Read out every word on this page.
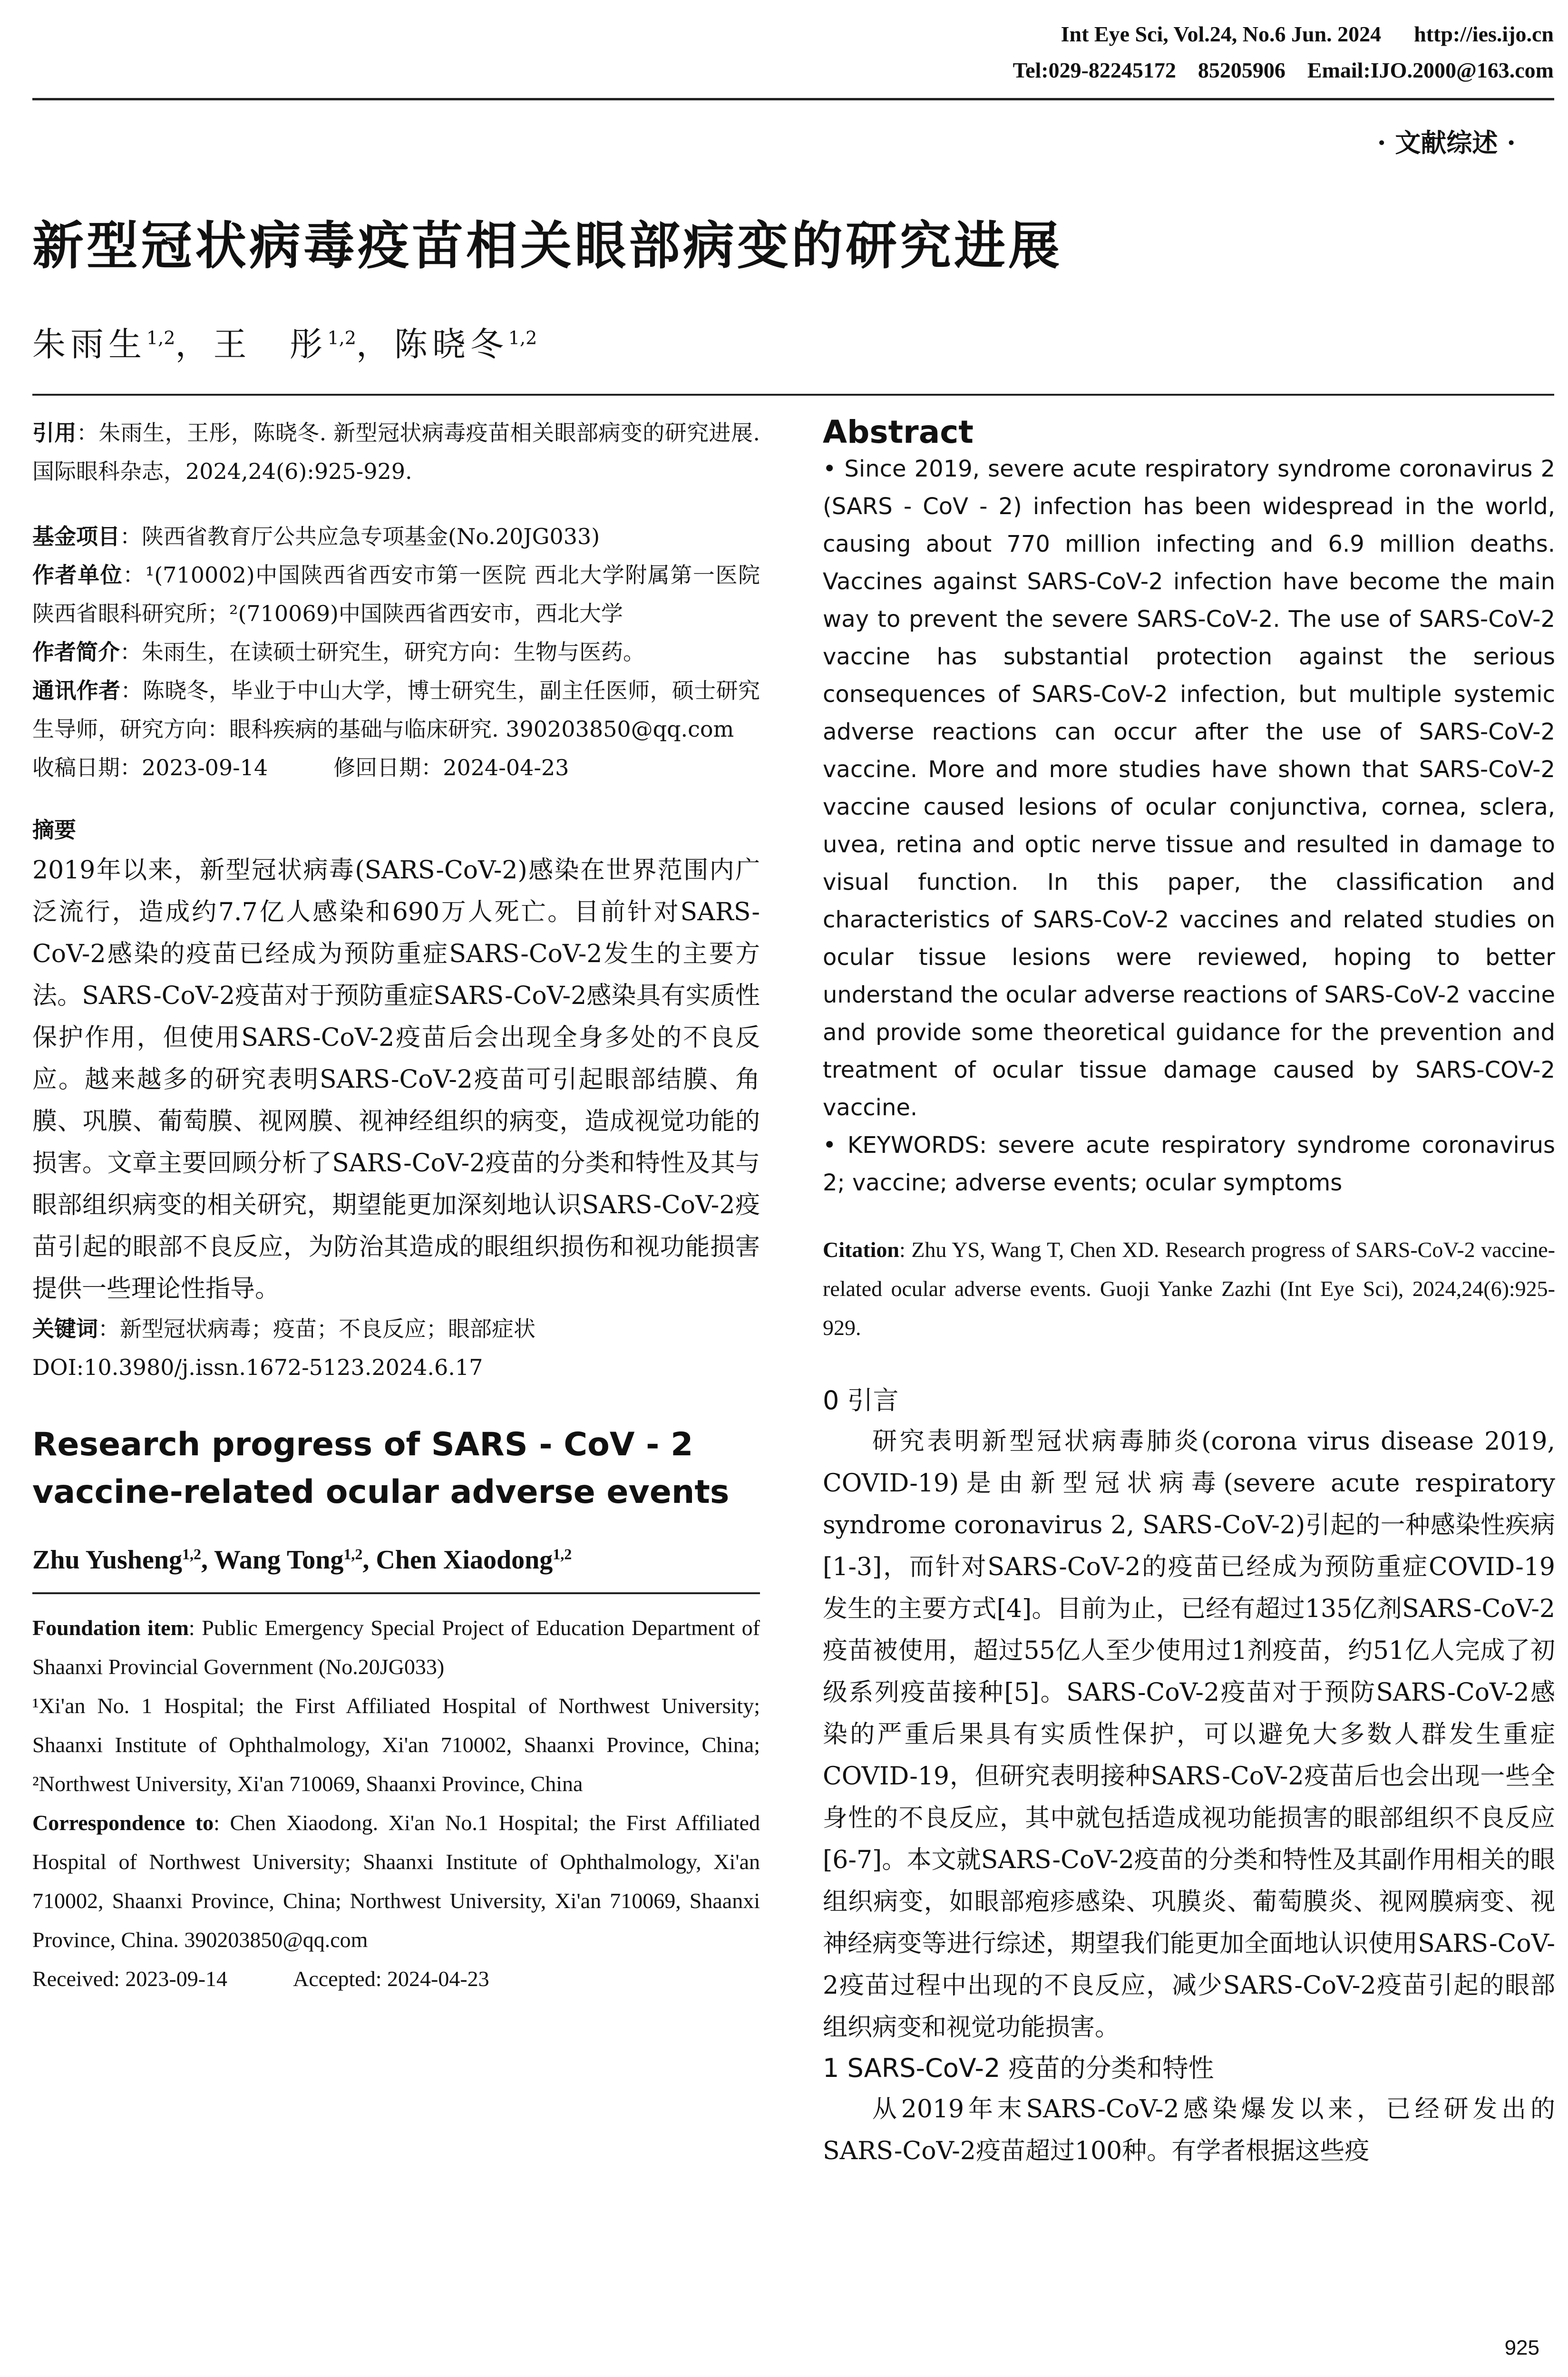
Int Eye Sci, Vol.24, No.6 Jun. 2024      http://ies.ijo.cn
Tel:029-82245172    85205906    Email:IJO.2000@163.com
· 文献综述 ·
新型冠状病毒疫苗相关眼部病变的研究进展
朱雨生$^{1,2}$，王　彤$^{1,2}$，陈晓冬$^{1,2}$

引用：朱雨生，王彤，陈晓冬. 新型冠状病毒疫苗相关眼部病变的研究进展. 国际眼科杂志，2024,24(6):925-929.

基金项目：陕西省教育厅公共应急专项基金(No.20JG033)

作者单位：¹(710002)中国陕西省西安市第一医院 西北大学附属第一医院 陕西省眼科研究所；²(710069)中国陕西省西安市，西北大学

作者简介：朱雨生，在读硕士研究生，研究方向：生物与医药。

通讯作者：陈晓冬，毕业于中山大学，博士研究生，副主任医师，硕士研究生导师，研究方向：眼科疾病的基础与临床研究. 390203850@qq.com

收稿日期：2023-09-14　　　修回日期：2024-04-23

摘要

2019年以来，新型冠状病毒(SARS-CoV-2)感染在世界范围内广泛流行，造成约7.7亿人感染和690万人死亡。目前针对SARS-CoV-2感染的疫苗已经成为预防重症SARS-CoV-2发生的主要方法。SARS-CoV-2疫苗对于预防重症SARS-CoV-2感染具有实质性保护作用，但使用SARS-CoV-2疫苗后会出现全身多处的不良反应。越来越多的研究表明SARS-CoV-2疫苗可引起眼部结膜、角膜、巩膜、葡萄膜、视网膜、视神经组织的病变，造成视觉功能的损害。文章主要回顾分析了SARS-CoV-2疫苗的分类和特性及其与眼部组织病变的相关研究，期望能更加深刻地认识SARS-CoV-2疫苗引起的眼部不良反应，为防治其造成的眼组织损伤和视功能损害提供一些理论性指导。

关键词：新型冠状病毒；疫苗；不良反应；眼部症状

DOI:10.3980/j.issn.1672-5123.2024.6.17

Research progress of SARS - CoV - 2 vaccine-related ocular adverse events
Zhu Yusheng$^{1,2}$, Wang Tong$^{1,2}$, Chen Xiaodong$^{1,2}$

Foundation item: Public Emergency Special Project of Education Department of Shaanxi Provincial Government (No.20JG033)

¹Xi'an No. 1 Hospital; the First Affiliated Hospital of Northwest University; Shaanxi Institute of Ophthalmology, Xi'an 710002, Shaanxi Province, China; ²Northwest University, Xi'an 710069, Shaanxi Province, China

Correspondence to: Chen Xiaodong. Xi'an No.1 Hospital; the First Affiliated Hospital of Northwest University; Shaanxi Institute of Ophthalmology, Xi'an 710002, Shaanxi Province, China; Northwest University, Xi'an 710069, Shaanxi Province, China. 390203850@qq.com

Received: 2023-09-14　　　Accepted: 2024-04-23

Abstract

• Since 2019, severe acute respiratory syndrome coronavirus 2 (SARS - CoV - 2) infection has been widespread in the world, causing about 770 million infecting and 6.9 million deaths. Vaccines against SARS-CoV-2 infection have become the main way to prevent the severe SARS-CoV-2. The use of SARS-CoV-2 vaccine has substantial protection against the serious consequences of SARS-CoV-2 infection, but multiple systemic adverse reactions can occur after the use of SARS-CoV-2 vaccine. More and more studies have shown that SARS-CoV-2 vaccine caused lesions of ocular conjunctiva, cornea, sclera, uvea, retina and optic nerve tissue and resulted in damage to visual function. In this paper, the classification and characteristics of SARS-CoV-2 vaccines and related studies on ocular tissue lesions were reviewed, hoping to better understand the ocular adverse reactions of SARS-CoV-2 vaccine and provide some theoretical guidance for the prevention and treatment of ocular tissue damage caused by SARS-COV-2 vaccine.

• KEYWORDS: severe acute respiratory syndrome coronavirus 2; vaccine; adverse events; ocular symptoms

Citation: Zhu YS, Wang T, Chen XD. Research progress of SARS-CoV-2 vaccine-related ocular adverse events. Guoji Yanke Zazhi (Int Eye Sci), 2024,24(6):925-929.

0 引言

研究表明新型冠状病毒肺炎(corona virus disease 2019, COVID-19)是由新型冠状病毒(severe acute respiratory syndrome coronavirus 2, SARS-CoV-2)引起的一种感染性疾病[1-3]，而针对SARS-CoV-2的疫苗已经成为预防重症COVID-19发生的主要方式[4]。目前为止，已经有超过135亿剂SARS-CoV-2疫苗被使用，超过55亿人至少使用过1剂疫苗，约51亿人完成了初级系列疫苗接种[5]。SARS-CoV-2疫苗对于预防SARS-CoV-2感染的严重后果具有实质性保护，可以避免大多数人群发生重症COVID-19，但研究表明接种SARS-CoV-2疫苗后也会出现一些全身性的不良反应，其中就包括造成视功能损害的眼部组织不良反应[6-7]。本文就SARS-CoV-2疫苗的分类和特性及其副作用相关的眼组织病变，如眼部疱疹感染、巩膜炎、葡萄膜炎、视网膜病变、视神经病变等进行综述，期望我们能更加全面地认识使用SARS-CoV-2疫苗过程中出现的不良反应，减少SARS-CoV-2疫苗引起的眼部组织病变和视觉功能损害。

1 SARS-CoV-2 疫苗的分类和特性

从2019年末SARS-CoV-2感染爆发以来，已经研发出的SARS-CoV-2疫苗超过100种。有学者根据这些疫

925
